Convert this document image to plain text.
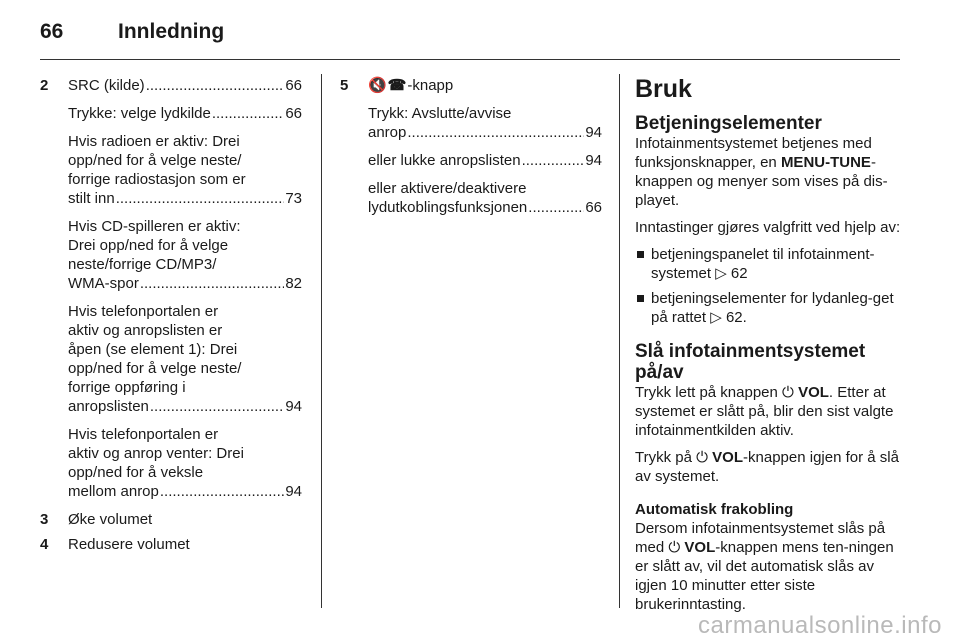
66	Innledning
2 SRC (kilde) .....	66
Trykke: velge lydkilde .....	66
Hvis radioen er aktiv: Drei
opp/ned for å velge neste/
forrige radiostasjon som er
stilt inn .....	73
Hvis CD-spilleren er aktiv:
Drei opp/ned for å velge
neste/forrige CD/MP3/
WMA-spor .....	82
Hvis telefonportalen er
aktiv og anropslisten er
åpen (se element 1): Drei
opp/ned for å velge neste/
forrige oppføring i
anropslisten .....	94
Hvis telefonportalen er
aktiv og anrop venter: Drei
opp/ned for å veksle
mellom anrop .....	94
3 Øke volumet
4 Redusere volumet
5 🔇☎-knapp
Trykk: Avslutte/avvise
anrop .....	94
eller lukke anropslisten .....	94
eller aktivere/deaktivere
lydutkoblingsfunksjonen .....	66
Bruk
Betjeningselementer

Infotainmentsystemet betjenes med funksjonsknapper, en MENU-TUNE-knappen og menyer som vises på dis-playet.

Inntastinger gjøres valgfritt ved hjelp av:

betjeningspanelet til infotainment-systemet ▷ 62
betjeningselementer for lydanleg-get på rattet ▷ 62.
Slå infotainmentsystemet på/av

Trykk lett på knappen ⏻ VOL. Etter at systemet er slått på, blir den sist valgte infotainmentkilden aktiv.

Trykk på ⏻ VOL-knappen igjen for å slå av systemet.

Automatisk frakobling

Dersom infotainmentsystemet slås på med ⏻ VOL-knappen mens ten-ningen er slått av, vil det automatisk slås av igjen 10 minutter etter siste brukerinntasting.

carmanualsonline.info
